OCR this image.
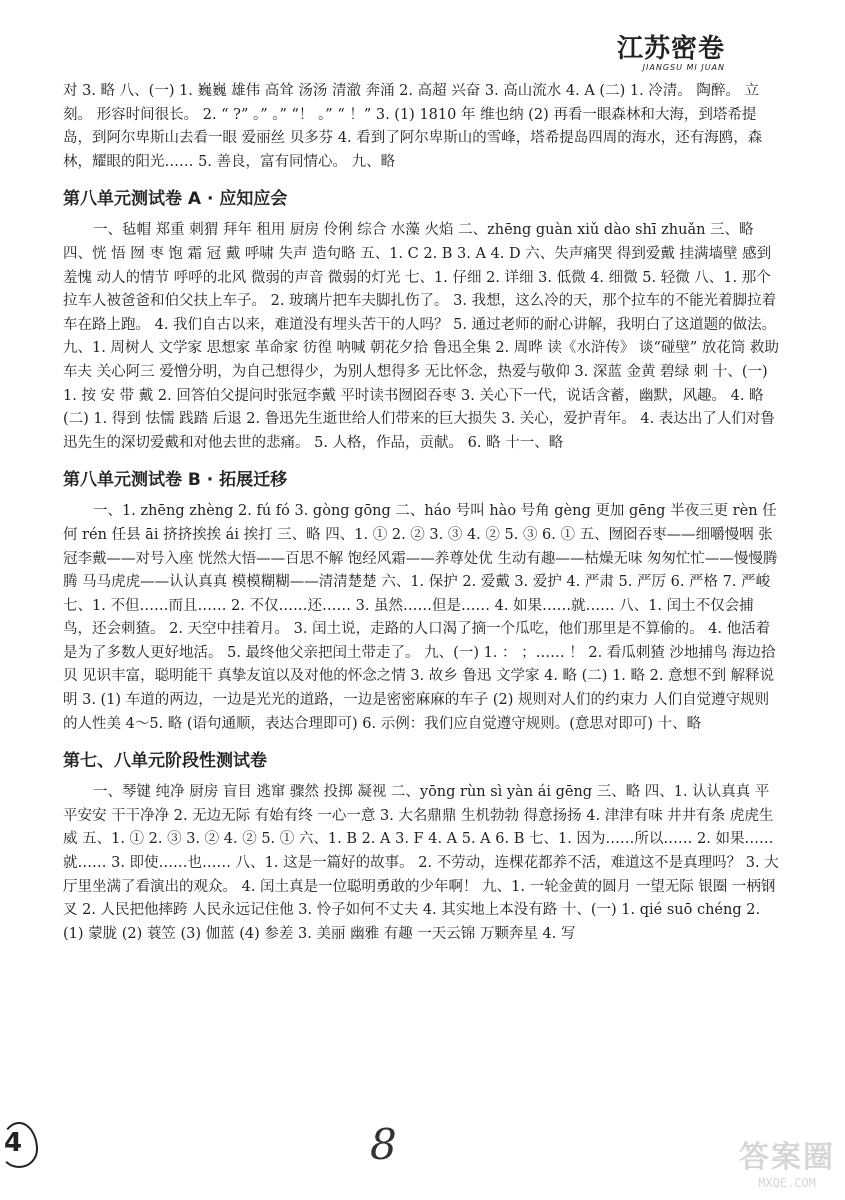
江苏密卷
JIANGSU MI JUAN

对 3. 略 八、(一) 1. 巍巍 雄伟 高耸 汤汤 清澈 奔涌 2. 高超 兴奋 3. 高山流水 4. A (二) 1. 冷清。 陶醉。 立刻。 形容时间很长。 2. “ ?” 。” 。” “！ 。” “ ！” 3. (1) 1810 年 维也纳 (2) 再看一眼森林和大海，到塔希提岛，到阿尔卑斯山去看一眼 爱丽丝 贝多芬 4. 看到了阿尔卑斯山的雪峰，塔希提岛四周的海水，还有海鸥，森林，耀眼的阳光…… 5. 善良，富有同情心。 九、略

第八单元测试卷 A · 应知应会

一、毡帽 郑重 刺猬 拜年 租用 厨房 伶俐 综合 水藻 火焰 二、zhēng guàn xiǔ dào shī zhuǎn 三、略 四、恍 悟 囫 枣 饱 霜 冠 戴 呼啸 失声 造句略 五、1. C 2. B 3. A 4. D 六、失声痛哭 得到爱戴 挂满墙壁 感到羞愧 动人的情节 呼呼的北风 微弱的声音 微弱的灯光 七、1. 仔细 2. 详细 3. 低微 4. 细微 5. 轻微 八、1. 那个拉车人被爸爸和伯父扶上车子。 2. 玻璃片把车夫脚扎伤了。 3. 我想，这么冷的天，那个拉车的不能光着脚拉着车在路上跑。 4. 我们自古以来，难道没有埋头苦干的人吗？ 5. 通过老师的耐心讲解，我明白了这道题的做法。 九、1. 周树人 文学家 思想家 革命家 彷徨 呐喊 朝花夕拾 鲁迅全集 2. 周晔 读《水浒传》 谈“碰壁” 放花筒 救助车夫 关心阿三 爱憎分明，为自己想得少，为别人想得多 无比怀念，热爱与敬仰 3. 深蓝 金黄 碧绿 刺 十、(一) 1. 按 安 带 戴 2. 回答伯父提问时张冠李戴 平时读书囫囵吞枣 3. 关心下一代，说话含蓄，幽默，风趣。 4. 略 (二) 1. 得到 怯懦 践踏 后退 2. 鲁迅先生逝世给人们带来的巨大损失 3. 关心，爱护青年。 4. 表达出了人们对鲁迅先生的深切爱戴和对他去世的悲痛。 5. 人格，作品，贡献。 6. 略 十一、略

第八单元测试卷 B · 拓展迁移

一、1. zhēng zhèng 2. fú fó 3. gòng gōng 二、háo 号叫 hào 号角 gèng 更加 gēng 半夜三更 rèn 任何 rén 任县 āi 挤挤挨挨 ái 挨打 三、略 四、1. ① 2. ② 3. ③ 4. ② 5. ③ 6. ① 五、囫囵吞枣——细嚼慢咽 张冠李戴——对号入座 恍然大悟——百思不解 饱经风霜——养尊处优 生动有趣——枯燥无味 匆匆忙忙——慢慢腾腾 马马虎虎——认认真真 模模糊糊——清清楚楚 六、1. 保护 2. 爱戴 3. 爱护 4. 严肃 5. 严厉 6. 严格 7. 严峻 七、1. 不但……而且…… 2. 不仅……还…… 3. 虽然……但是…… 4. 如果……就…… 八、1. 闰土不仅会捕鸟，还会刺猹。 2. 天空中挂着月。 3. 闰土说，走路的人口渴了摘一个瓜吃，他们那里是不算偷的。 4. 他活着是为了多数人更好地活。 5. 最终他父亲把闰土带走了。 九、(一) 1. ： ；…… ！ 2. 看瓜刺猹 沙地捕鸟 海边拾贝 见识丰富，聪明能干 真挚友谊以及对他的怀念之情 3. 故乡 鲁迅 文学家 4. 略 (二) 1. 略 2. 意想不到 解释说明 3. (1) 车道的两边，一边是光光的道路，一边是密密麻麻的车子 (2) 规则对人们的约束力 人们自觉遵守规则的人性美 4～5. 略 (语句通顺，表达合理即可) 6. 示例：我们应自觉遵守规则。(意思对即可) 十、略

第七、八单元阶段性测试卷

一、琴键 纯净 厨房 盲目 逃窜 骤然 投掷 凝视 二、yōng rùn sì yàn ái gēng 三、略 四、1. 认认真真 平平安安 干干净净 2. 无边无际 有始有终 一心一意 3. 大名鼎鼎 生机勃勃 得意扬扬 4. 津津有味 井井有条 虎虎生威 五、1. ① 2. ③ 3. ② 4. ② 5. ① 六、1. B 2. A 3. F 4. A 5. A 6. B 七、1. 因为……所以…… 2. 如果……就…… 3. 即使……也…… 八、1. 这是一篇好的故事。 2. 不劳动，连棵花都养不活，难道这不是真理吗？ 3. 大厅里坐满了看演出的观众。 4. 闰土真是一位聪明勇敢的少年啊！ 九、1. 一轮金黄的圆月 一望无际 银圈 一柄钢叉 2. 人民把他摔跨 人民永远记住他 3. 怜子如何不丈夫 4. 其实地上本没有路 十、(一) 1. qié suō chéng 2. (1) 蒙胧 (2) 蓑笠 (3) 伽蓝 (4) 参差 3. 美丽 幽雅 有趣 一天云锦 万颗奔星 4. 写

4	8	答案圈
MXQE.COM
